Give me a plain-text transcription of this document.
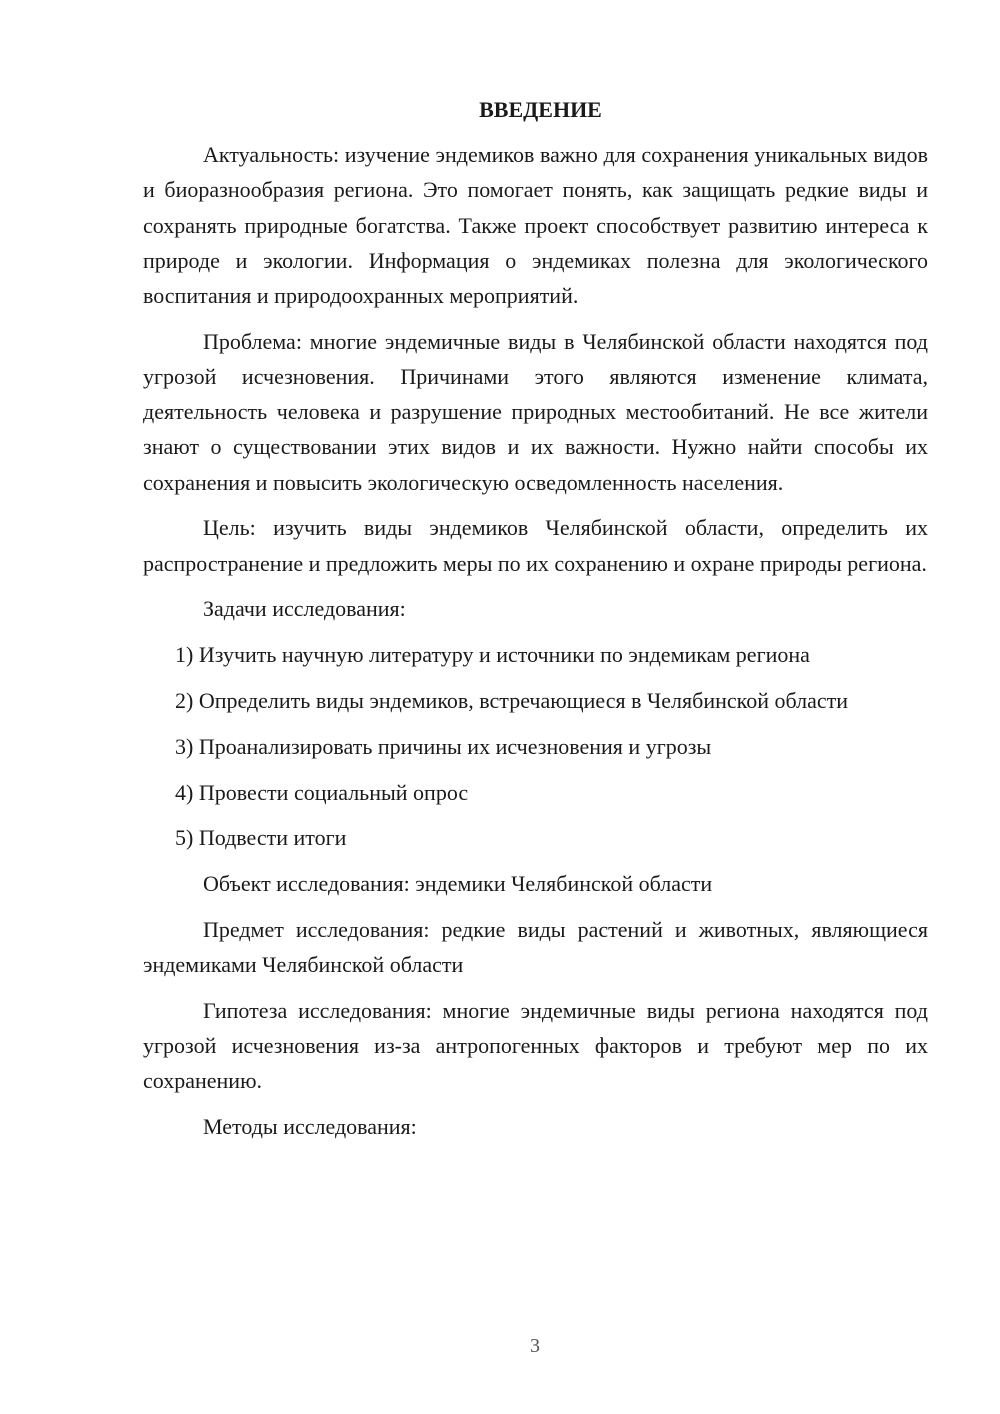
ВВЕДЕНИЕ

Актуальность: изучение эндемиков важно для сохранения уникальных видов и биоразнообразия региона. Это помогает понять, как защищать редкие виды и сохранять природные богатства. Также проект способствует развитию интереса к природе и экологии. Информация о эндемиках полезна для экологического воспитания и природоохранных мероприятий.

Проблема: многие эндемичные виды в Челябинской области находятся под угрозой исчезновения. Причинами этого являются изменение климата, деятельность человека и разрушение природных местообитаний. Не все жители знают о существовании этих видов и их важности. Нужно найти способы их сохранения и повысить экологическую осведомленность населения.

Цель: изучить виды эндемиков Челябинской области, определить их распространение и предложить меры по их сохранению и охране природы региона.

Задачи исследования:

1) Изучить научную литературу и источники по эндемикам региона

2) Определить виды эндемиков, встречающиеся в Челябинской области

3) Проанализировать причины их исчезновения и угрозы

4) Провести социальный опрос

5) Подвести итоги

Объект исследования: эндемики Челябинской области

Предмет исследования: редкие виды растений и животных, являющиеся эндемиками Челябинской области

Гипотеза исследования: многие эндемичные виды региона находятся под угрозой исчезновения из-за антропогенных факторов и требуют мер по их сохранению.

Методы исследования:

3
